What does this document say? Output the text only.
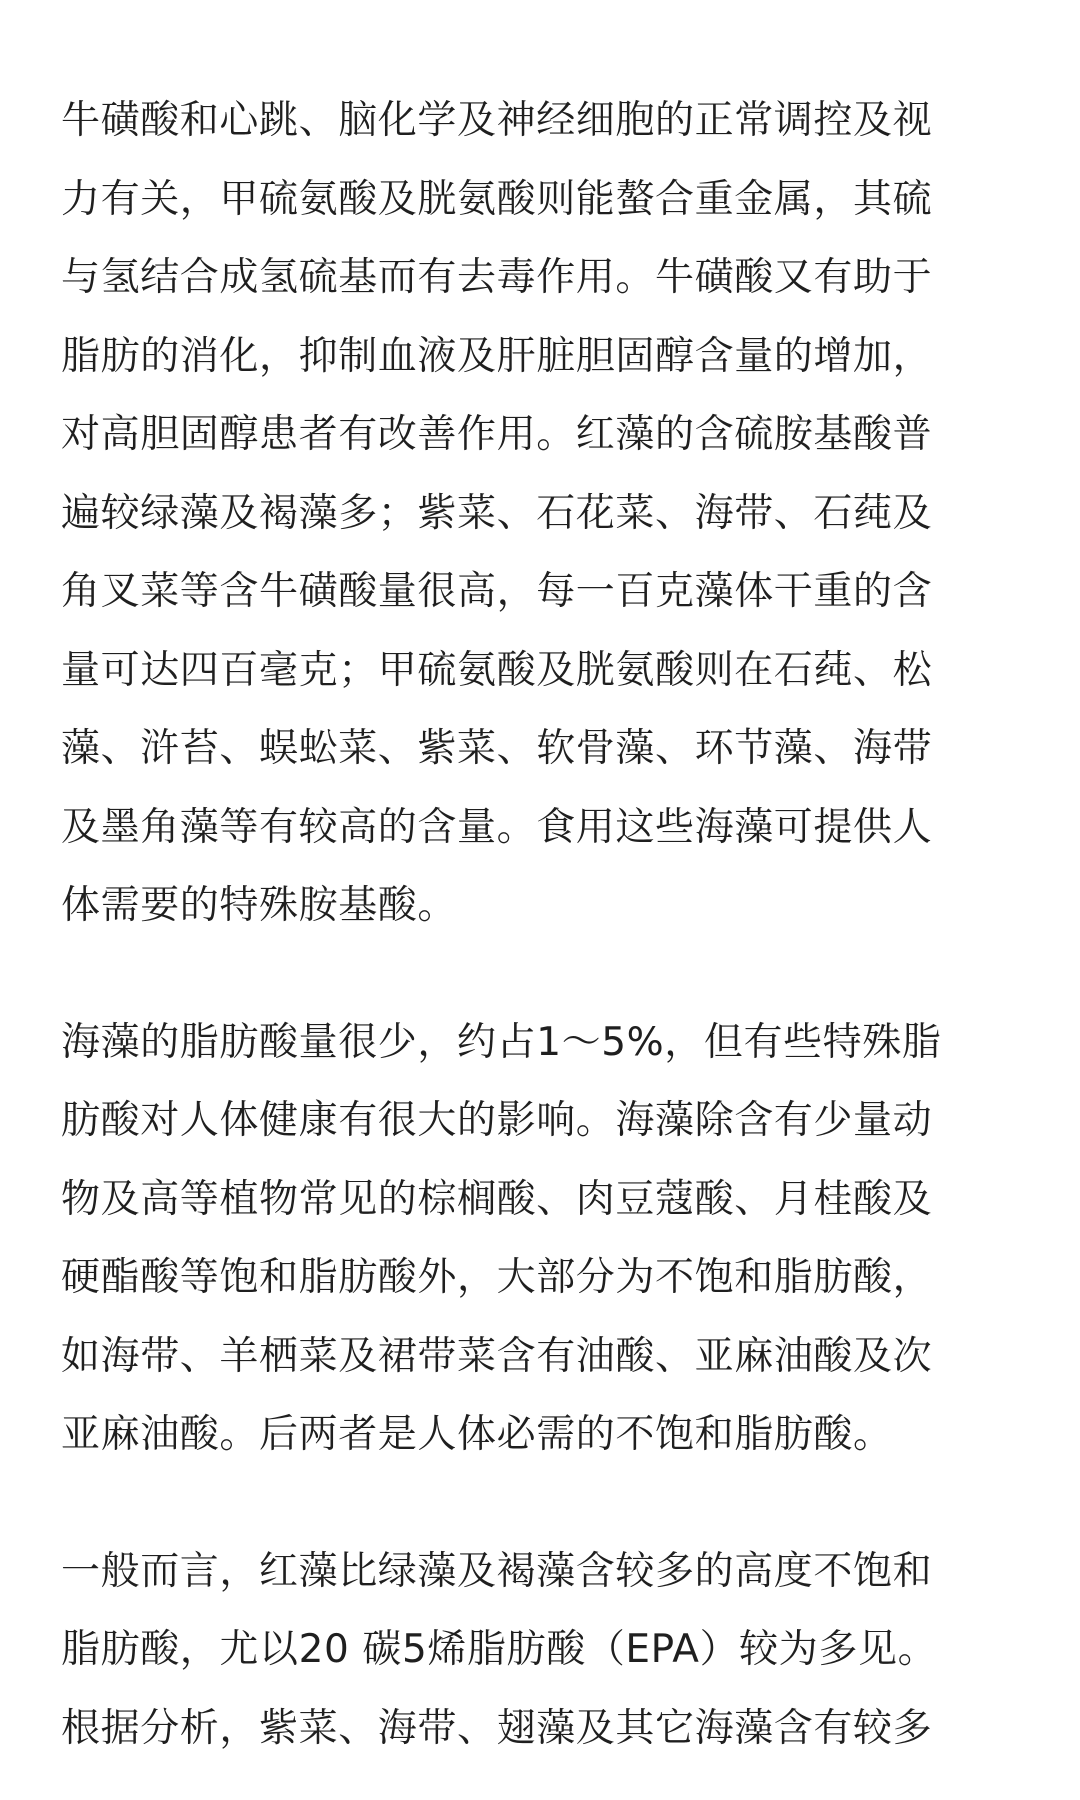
牛磺酸和心跳、脑化学及神经细胞的正常调控及视
力有关，甲硫氨酸及胱氨酸则能螯合重金属，其硫
与氢结合成氢硫基而有去毒作用。牛磺酸又有助于
脂肪的消化，抑制血液及肝脏胆固醇含量的增加，
对高胆固醇患者有改善作用。红藻的含硫胺基酸普
遍较绿藻及褐藻多；紫菜、石花菜、海带、石莼及
角叉菜等含牛磺酸量很高，每一百克藻体干重的含
量可达四百毫克；甲硫氨酸及胱氨酸则在石莼、松
藻、浒苔、蜈蚣菜、紫菜、软骨藻、环节藻、海带
及墨角藻等有较高的含量。食用这些海藻可提供人
体需要的特殊胺基酸。
海藻的脂肪酸量很少，约占1～5%，但有些特殊脂
肪酸对人体健康有很大的影响。海藻除含有少量动
物及高等植物常见的棕榈酸、肉豆蔻酸、月桂酸及
硬酯酸等饱和脂肪酸外，大部分为不饱和脂肪酸，
如海带、羊栖菜及裙带菜含有油酸、亚麻油酸及次
亚麻油酸。后两者是人体必需的不饱和脂肪酸。
一般而言，红藻比绿藻及褐藻含较多的高度不饱和
脂肪酸，尤以20 碳5烯脂肪酸（EPA）较为多见。
根据分析，紫菜、海带、翅藻及其它海藻含有较多
